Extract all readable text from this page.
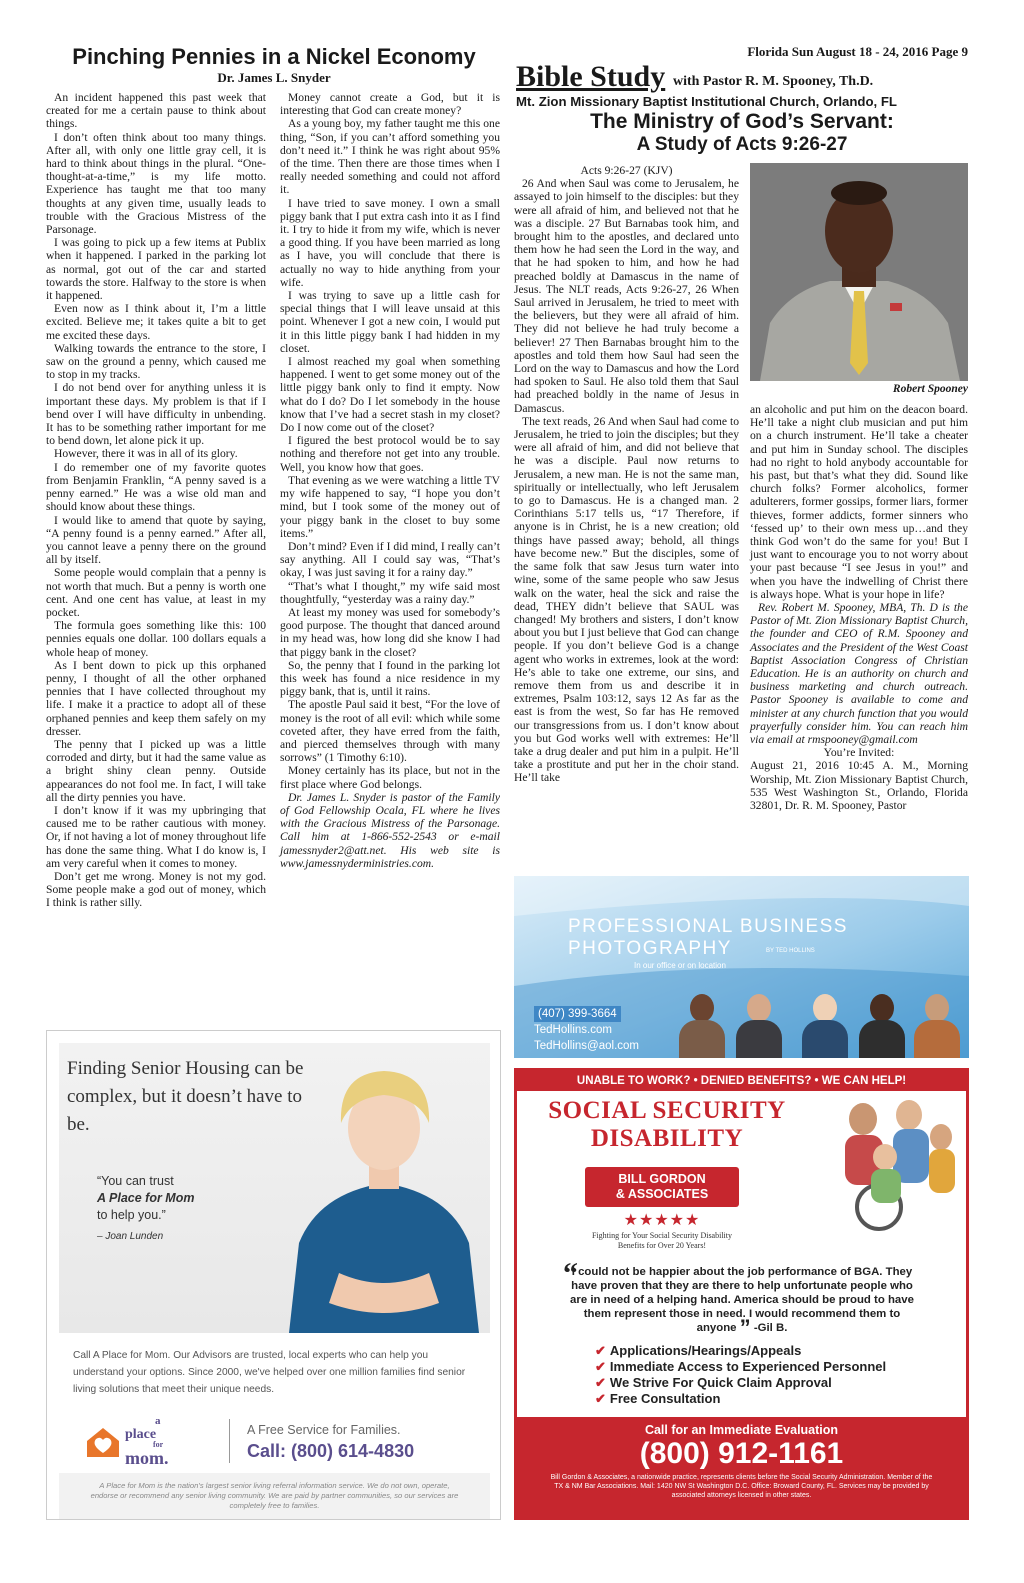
Pinching Pennies in a Nickel Economy
Dr. James L. Snyder

An incident happened this past week that created for me a certain pause to think about things.

I don’t often think about too many things. After all, with only one little gray cell, it is hard to think about things in the plural. “One-thought-at-a-time,” is my life motto. Experience has taught me that too many thoughts at any given time, usually leads to trouble with the Gracious Mistress of the Parsonage.

I was going to pick up a few items at Publix when it happened. I parked in the parking lot as normal, got out of the car and started towards the store. Halfway to the store is when it happened.

Even now as I think about it, I’m a little excited. Believe me; it takes quite a bit to get me excited these days.

Walking towards the entrance to the store, I saw on the ground a penny, which caused me to stop in my tracks.

I do not bend over for anything unless it is important these days. My problem is that if I bend over I will have difficulty in unbending. It has to be something rather important for me to bend down, let alone pick it up.

However, there it was in all of its glory.

I do remember one of my favorite quotes from Benjamin Franklin, “A penny saved is a penny earned.” He was a wise old man and should know about these things.

I would like to amend that quote by saying, “A penny found is a penny earned.” After all, you cannot leave a penny there on the ground all by itself.

Some people would complain that a penny is not worth that much. But a penny is worth one cent. And one cent has value, at least in my pocket.

The formula goes something like this: 100 pennies equals one dollar. 100 dollars equals a whole heap of money.

As I bent down to pick up this orphaned penny, I thought of all the other orphaned pennies that I have collected throughout my life. I make it a practice to adopt all of these orphaned pennies and keep them safely on my dresser.

The penny that I picked up was a little corroded and dirty, but it had the same value as a bright shiny clean penny. Outside appearances do not fool me. In fact, I will take all the dirty pennies you have.

I don’t know if it was my upbringing that caused me to be rather cautious with money. Or, if not having a lot of money throughout life has done the same thing. What I do know is, I am very careful when it comes to money.

Don’t get me wrong. Money is not my god. Some people make a god out of money, which I think is rather silly.

Money cannot create a God, but it is interesting that God can create money?

As a young boy, my father taught me this one thing, “Son, if you can’t afford something you don’t need it.” I think he was right about 95% of the time. Then there are those times when I really needed something and could not afford it.

I have tried to save money. I own a small piggy bank that I put extra cash into it as I find it. I try to hide it from my wife, which is never a good thing. If you have been married as long as I have, you will conclude that there is actually no way to hide anything from your wife.

I was trying to save up a little cash for special things that I will leave unsaid at this point. Whenever I got a new coin, I would put it in this little piggy bank I had hidden in my closet.

I almost reached my goal when something happened. I went to get some money out of the little piggy bank only to find it empty. Now what do I do? Do I let somebody in the house know that I’ve had a secret stash in my closet? Do I now come out of the closet?

I figured the best protocol would be to say nothing and therefore not get into any trouble. Well, you know how that goes.

That evening as we were watching a little TV my wife happened to say, “I hope you don’t mind, but I took some of the money out of your piggy bank in the closet to buy some items.”

Don’t mind? Even if I did mind, I really can’t say anything. All I could say was, “That’s okay, I was just saving it for a rainy day.”

“That’s what I thought,” my wife said most thoughtfully, “yesterday was a rainy day.”

At least my money was used for somebody’s good purpose. The thought that danced around in my head was, how long did she know I had that piggy bank in the closet?

So, the penny that I found in the parking lot this week has found a nice residence in my piggy bank, that is, until it rains.

The apostle Paul said it best, “For the love of money is the root of all evil: which while some coveted after, they have erred from the faith, and pierced themselves through with many sorrows” (1 Timothy 6:10).

Money certainly has its place, but not in the first place where God belongs.

Dr. James L. Snyder is pastor of the Family of God Fellowship Ocala, FL where he lives with the Gracious Mistress of the Parsonage. Call him at 1-866-552-2543 or e-mail jamessnyder2@att.net. His web site is www.jamessnyderministries.com.

Florida Sun August 18 - 24, 2016 Page 9
Bible Study with Pastor R. M. Spooney, Th.D.
Mt. Zion Missionary Baptist Institutional Church, Orlando, FL
The Ministry of God’s Servant:
A Study of Acts 9:26-27

Acts 9:26-27 (KJV)

26 And when Saul was come to Jerusalem, he assayed to join himself to the disciples: but they were all afraid of him, and believed not that he was a disciple. 27 But Barnabas took him, and brought him to the apostles, and declared unto them how he had seen the Lord in the way, and that he had spoken to him, and how he had preached boldly at Damascus in the name of Jesus. The NLT reads, Acts 9:26-27, 26 When Saul arrived in Jerusalem, he tried to meet with the believers, but they were all afraid of him. They did not believe he had truly become a believer! 27 Then Barnabas brought him to the apostles and told them how Saul had seen the Lord on the way to Damascus and how the Lord had spoken to Saul. He also told them that Saul had preached boldly in the name of Jesus in Damascus.

The text reads, 26 And when Saul had come to Jerusalem, he tried to join the disciples; but they were all afraid of him, and did not believe that he was a disciple. Paul now returns to Jerusalem, a new man. He is not the same man, spiritually or intellectually, who left Jerusalem to go to Damascus. He is a changed man. 2 Corinthians 5:17 tells us, “17 Therefore, if anyone is in Christ, he is a new creation; old things have passed away; behold, all things have become new.” But the disciples, some of the same folk that saw Jesus turn water into wine, some of the same people who saw Jesus walk on the water, heal the sick and raise the dead, THEY didn’t believe that SAUL was changed! My brothers and sisters, I don’t know about you but I just believe that God can change people. If you don’t believe God is a change agent who works in extremes, look at the word: He’s able to take one extreme, our sins, and remove them from us and describe it in extremes, Psalm 103:12, says 12 As far as the east is from the west, So far has He removed our transgressions from us. I don’t know about you but God works well with extremes: He’ll take a drug dealer and put him in a pulpit. He’ll take a prostitute and put her in the choir stand. He’ll take

Robert Spooney

an alcoholic and put him on the deacon board. He’ll take a night club musician and put him on a church instrument. He’ll take a cheater and put him in Sunday school. The disciples had no right to hold anybody accountable for his past, but that’s what they did. Sound like church folks? Former alcoholics, former adulterers, former gossips, former liars, former thieves, former addicts, former sinners who ‘fessed up’ to their own mess up…and they think God won’t do the same for you! But I just want to encourage you to not worry about your past because “I see Jesus in you!” and when you have the indwelling of Christ there is always hope. What is your hope in life?

Rev. Robert M. Spooney, MBA, Th. D is the Pastor of Mt. Zion Missionary Baptist Church, the founder and CEO of R.M. Spooney and Associates and the President of the West Coast Baptist Association Congress of Christian Education. He is an authority on church and business marketing and church outreach. Pastor Spooney is available to come and minister at any church function that you would prayerfully consider him. You can reach him via email at rmspooney@gmail.com

You’re Invited:

August 21, 2016 10:45 A. M., Morning Worship, Mt. Zion Missionary Baptist Church, 535 West Washington St., Orlando, Florida 32801, Dr. R. M. Spooney, Pastor

PROFESSIONAL BUSINESS
PHOTOGRAPHY	BY TED HOLLINS
In our office or on location
(407) 399-3664
TedHollins.com
TedHollins@aol.com
Finding Senior Housing can be complex, but it doesn’t have to be.
“You can trust
A Place for Mom
to help you.”
– Joan Lunden
Call A Place for Mom. Our Advisors are trusted, local experts who can help you understand your options. Since 2000, we've helped over one million families find senior living solutions that meet their unique needs.
a
place
for
mom.
A Free Service for Families.
Call: (800) 614-4830
A Place for Mom is the nation’s largest senior living referral information service. We do not own, operate, endorse or recommend any senior living community. We are paid by partner communities, so our services are completely free to families.
UNABLE TO WORK? • DENIED BENEFITS? • WE CAN HELP!
SOCIAL SECURITY
DISABILITY
BILL GORDON
& ASSOCIATES
★★★★★
Fighting for Your Social Security Disability
Benefits for Over 20 Years!
“
I could not be happier about the job performance of BGA. They have proven that they are there to help unfortunate people who are in need of a helping hand. America should be proud to have them represent those in need. I would recommend them to anyone ” -Gil B.
✔ Applications/Hearings/Appeals
✔ Immediate Access to Experienced Personnel
✔ We Strive For Quick Claim Approval
✔ Free Consultation
Call for an Immediate Evaluation
(800) 912-1161
Bill Gordon & Associates, a nationwide practice, represents clients before the Social Security Administration. Member of the TX & NM Bar Associations. Mail: 1420 NW St Washington D.C. Office: Broward County, FL. Services may be provided by associated attorneys licensed in other states.
